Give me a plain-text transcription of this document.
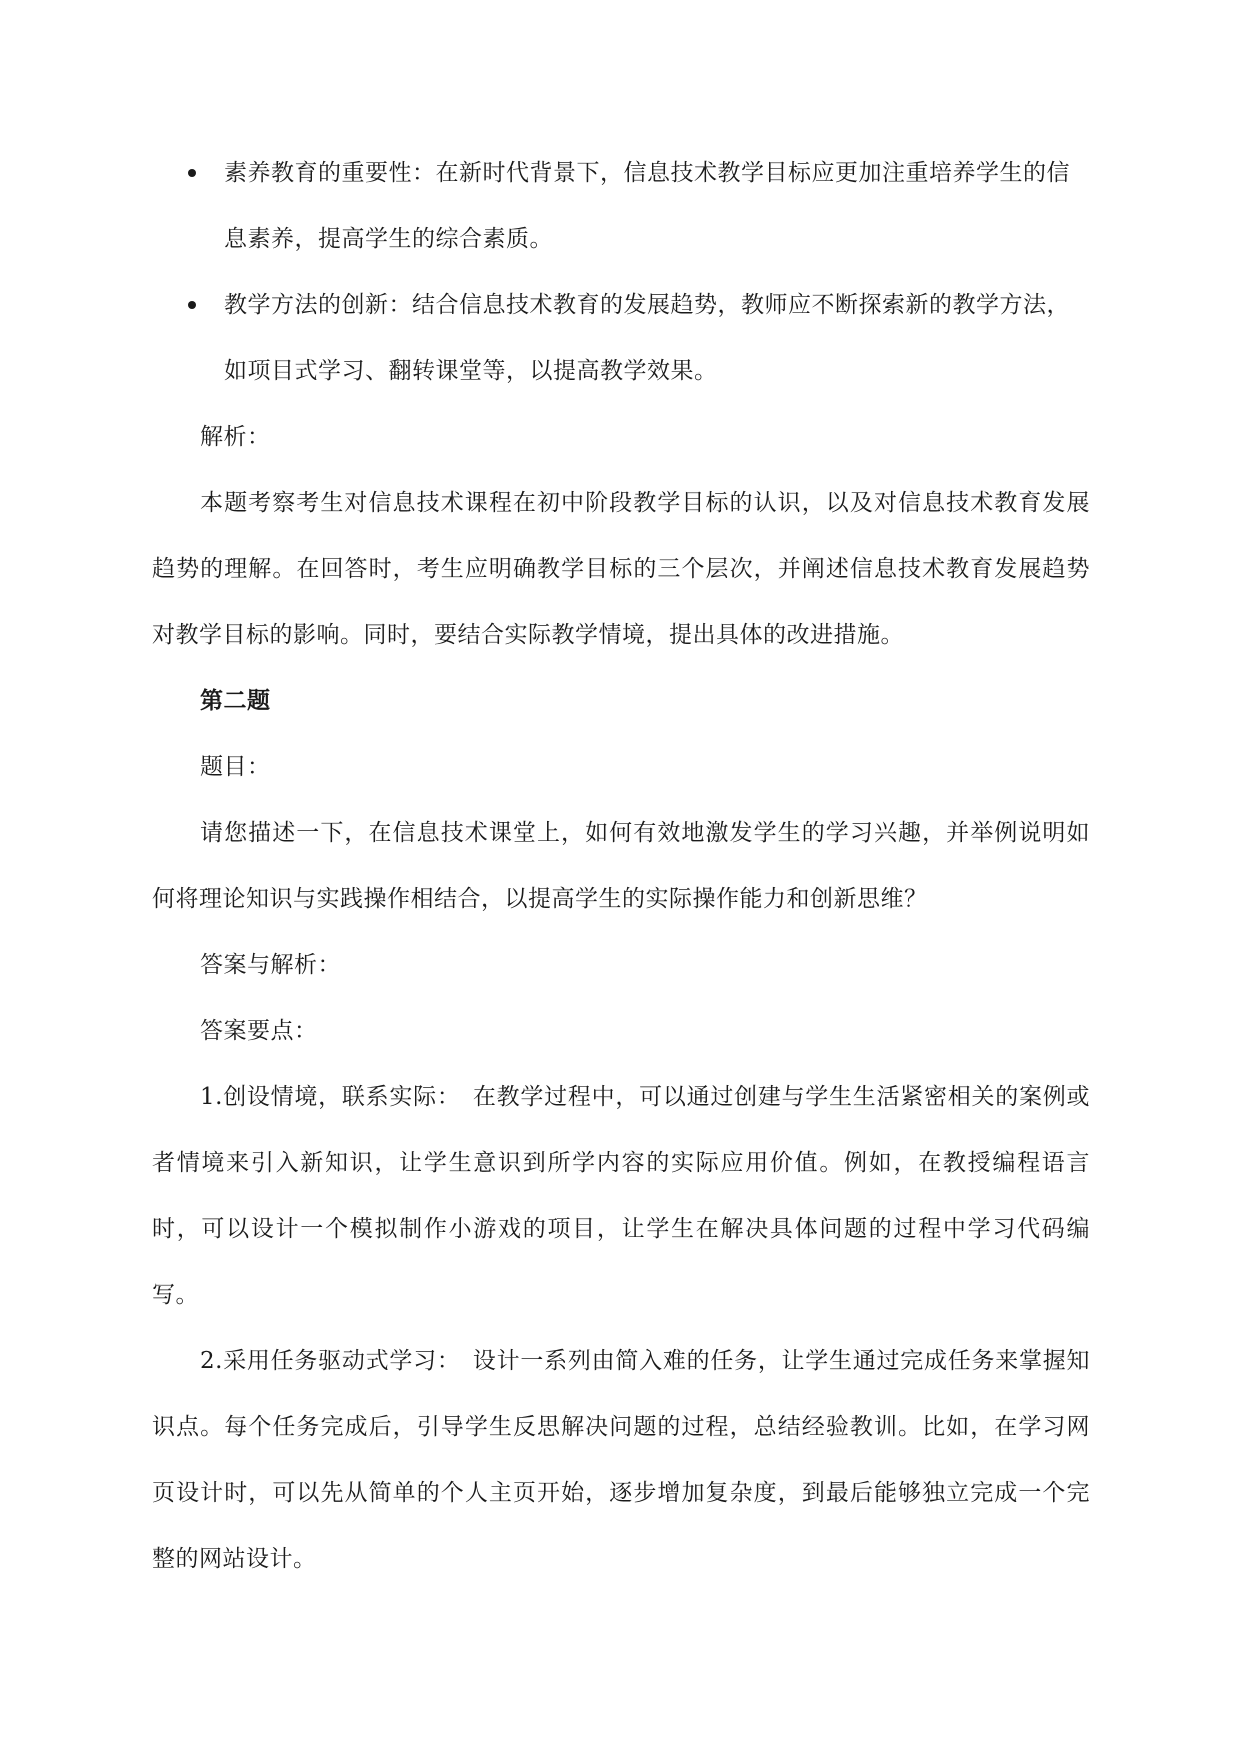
素养教育的重要性：在新时代背景下，信息技术教学目标应更加注重培养学生的信息素养，提高学生的综合素质。
教学方法的创新：结合信息技术教育的发展趋势，教师应不断探索新的教学方法，如项目式学习、翻转课堂等，以提高教学效果。

解析：

本题考察考生对信息技术课程在初中阶段教学目标的认识，以及对信息技术教育发展趋势的理解。在回答时，考生应明确教学目标的三个层次，并阐述信息技术教育发展趋势对教学目标的影响。同时，要结合实际教学情境，提出具体的改进措施。

第二题

题目：

请您描述一下，在信息技术课堂上，如何有效地激发学生的学习兴趣，并举例说明如何将理论知识与实践操作相结合，以提高学生的实际操作能力和创新思维？

答案与解析：

答案要点：

1.创设情境，联系实际：　在教学过程中，可以通过创建与学生生活紧密相关的案例或者情境来引入新知识，让学生意识到所学内容的实际应用价值。例如，在教授编程语言时，可以设计一个模拟制作小游戏的项目，让学生在解决具体问题的过程中学习代码编写。

2.采用任务驱动式学习：　设计一系列由简入难的任务，让学生通过完成任务来掌握知识点。每个任务完成后，引导学生反思解决问题的过程，总结经验教训。比如，在学习网页设计时，可以先从简单的个人主页开始，逐步增加复杂度，到最后能够独立完成一个完整的网站设计。
